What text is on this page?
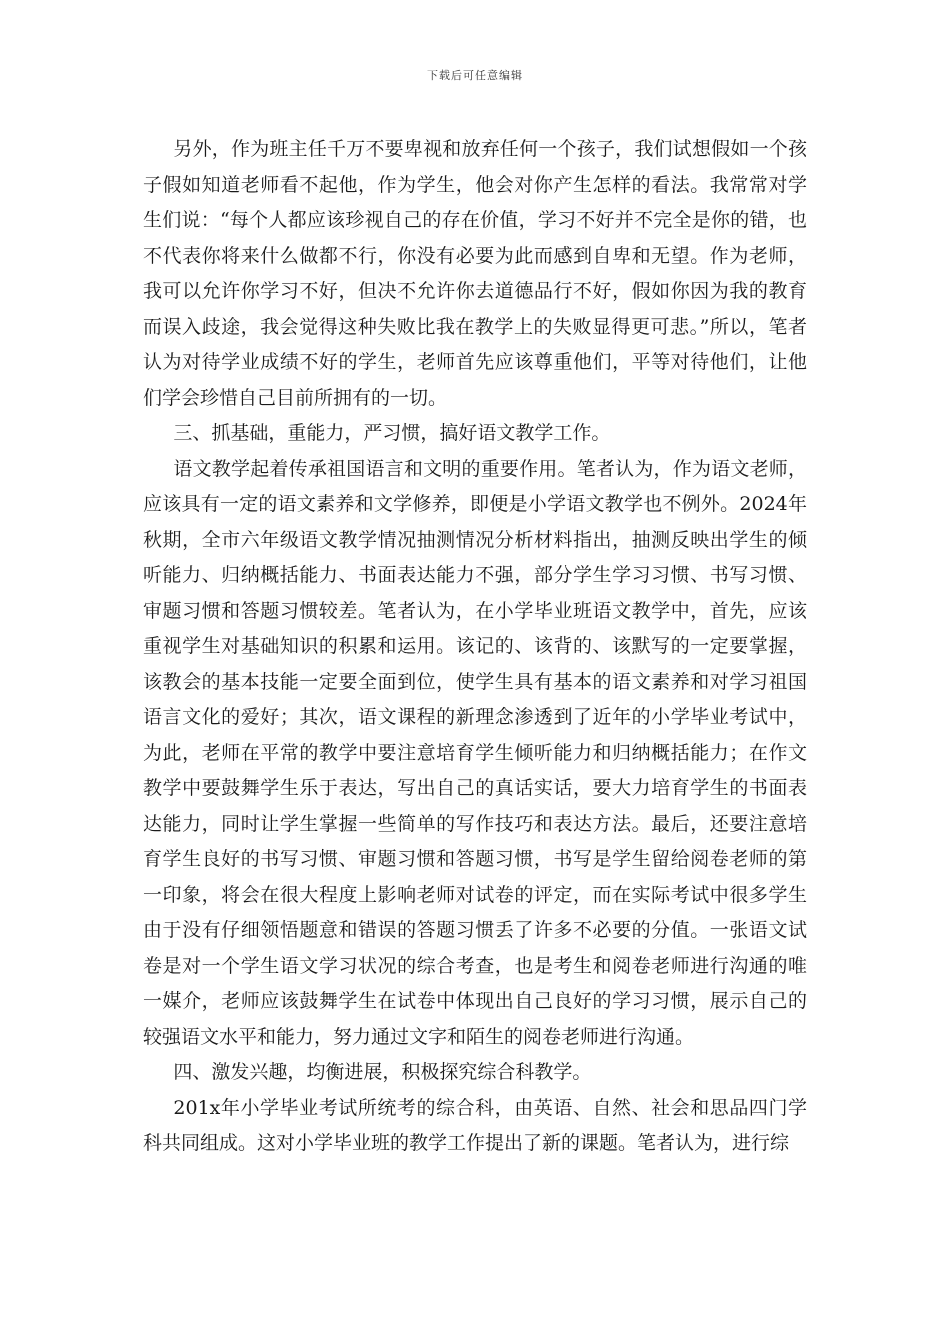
下载后可任意编辑

另外，作为班主任千万不要卑视和放弃任何一个孩子，我们试想假如一个孩子假如知道老师看不起他，作为学生，他会对你产生怎样的看法。我常常对学生们说：“每个人都应该珍视自己的存在价值，学习不好并不完全是你的错，也不代表你将来什么做都不行，你没有必要为此而感到自卑和无望。作为老师，我可以允许你学习不好，但决不允许你去道德品行不好，假如你因为我的教育而误入歧途，我会觉得这种失败比我在教学上的失败显得更可悲。”所以，笔者认为对待学业成绩不好的学生，老师首先应该尊重他们，平等对待他们，让他们学会珍惜自己目前所拥有的一切。

三、抓基础，重能力，严习惯，搞好语文教学工作。

语文教学起着传承祖国语言和文明的重要作用。笔者认为，作为语文老师，应该具有一定的语文素养和文学修养，即便是小学语文教学也不例外。2024年秋期，全市六年级语文教学情况抽测情况分析材料指出，抽测反映出学生的倾听能力、归纳概括能力、书面表达能力不强，部分学生学习习惯、书写习惯、审题习惯和答题习惯较差。笔者认为，在小学毕业班语文教学中，首先，应该重视学生对基础知识的积累和运用。该记的、该背的、该默写的一定要掌握，该教会的基本技能一定要全面到位，使学生具有基本的语文素养和对学习祖国语言文化的爱好；其次，语文课程的新理念渗透到了近年的小学毕业考试中，为此，老师在平常的教学中要注意培育学生倾听能力和归纳概括能力；在作文教学中要鼓舞学生乐于表达，写出自己的真话实话，要大力培育学生的书面表达能力，同时让学生掌握一些简单的写作技巧和表达方法。最后，还要注意培育学生良好的书写习惯、审题习惯和答题习惯，书写是学生留给阅卷老师的第一印象，将会在很大程度上影响老师对试卷的评定，而在实际考试中很多学生由于没有仔细领悟题意和错误的答题习惯丢了许多不必要的分值。一张语文试卷是对一个学生语文学习状况的综合考查，也是考生和阅卷老师进行沟通的唯一媒介，老师应该鼓舞学生在试卷中体现出自己良好的学习习惯，展示自己的较强语文水平和能力，努力通过文字和陌生的阅卷老师进行沟通。

四、激发兴趣，均衡进展，积极探究综合科教学。

201x年小学毕业考试所统考的综合科，由英语、自然、社会和思品四门学科共同组成。这对小学毕业班的教学工作提出了新的课题。笔者认为，进行综
